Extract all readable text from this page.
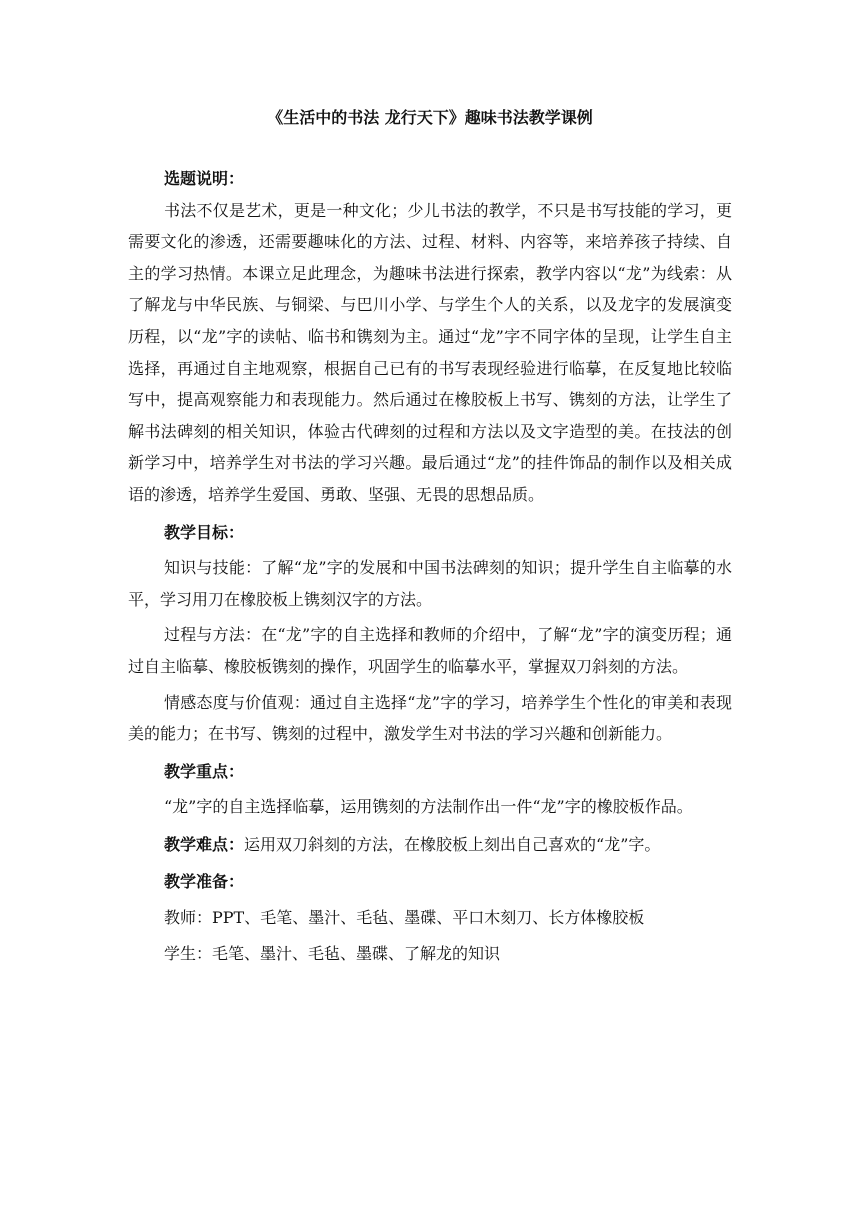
《生活中的书法 龙行天下》趣味书法教学课例

选题说明：

书法不仅是艺术，更是一种文化；少儿书法的教学，不只是书写技能的学习，更需要文化的渗透，还需要趣味化的方法、过程、材料、内容等，来培养孩子持续、自主的学习热情。本课立足此理念，为趣味书法进行探索，教学内容以“龙”为线索：从了解龙与中华民族、与铜梁、与巴川小学、与学生个人的关系，以及龙字的发展演变历程，以“龙”字的读帖、临书和镌刻为主。通过“龙”字不同字体的呈现，让学生自主选择，再通过自主地观察，根据自己已有的书写表现经验进行临摹，在反复地比较临写中，提高观察能力和表现能力。然后通过在橡胶板上书写、镌刻的方法，让学生了解书法碑刻的相关知识，体验古代碑刻的过程和方法以及文字造型的美。在技法的创新学习中，培养学生对书法的学习兴趣。最后通过“龙”的挂件饰品的制作以及相关成语的渗透，培养学生爱国、勇敢、坚强、无畏的思想品质。

教学目标：

知识与技能：了解“龙”字的发展和中国书法碑刻的知识；提升学生自主临摹的水平，学习用刀在橡胶板上镌刻汉字的方法。

过程与方法：在“龙”字的自主选择和教师的介绍中，了解“龙”字的演变历程；通过自主临摹、橡胶板镌刻的操作，巩固学生的临摹水平，掌握双刀斜刻的方法。

情感态度与价值观：通过自主选择“龙”字的学习，培养学生个性化的审美和表现美的能力；在书写、镌刻的过程中，激发学生对书法的学习兴趣和创新能力。

教学重点：

“龙”字的自主选择临摹，运用镌刻的方法制作出一件“龙”字的橡胶板作品。

教学难点：运用双刀斜刻的方法，在橡胶板上刻出自己喜欢的“龙”字。

教学准备：

教师：PPT、毛笔、墨汁、毛毡、墨碟、平口木刻刀、长方体橡胶板

学生：毛笔、墨汁、毛毡、墨碟、了解龙的知识
